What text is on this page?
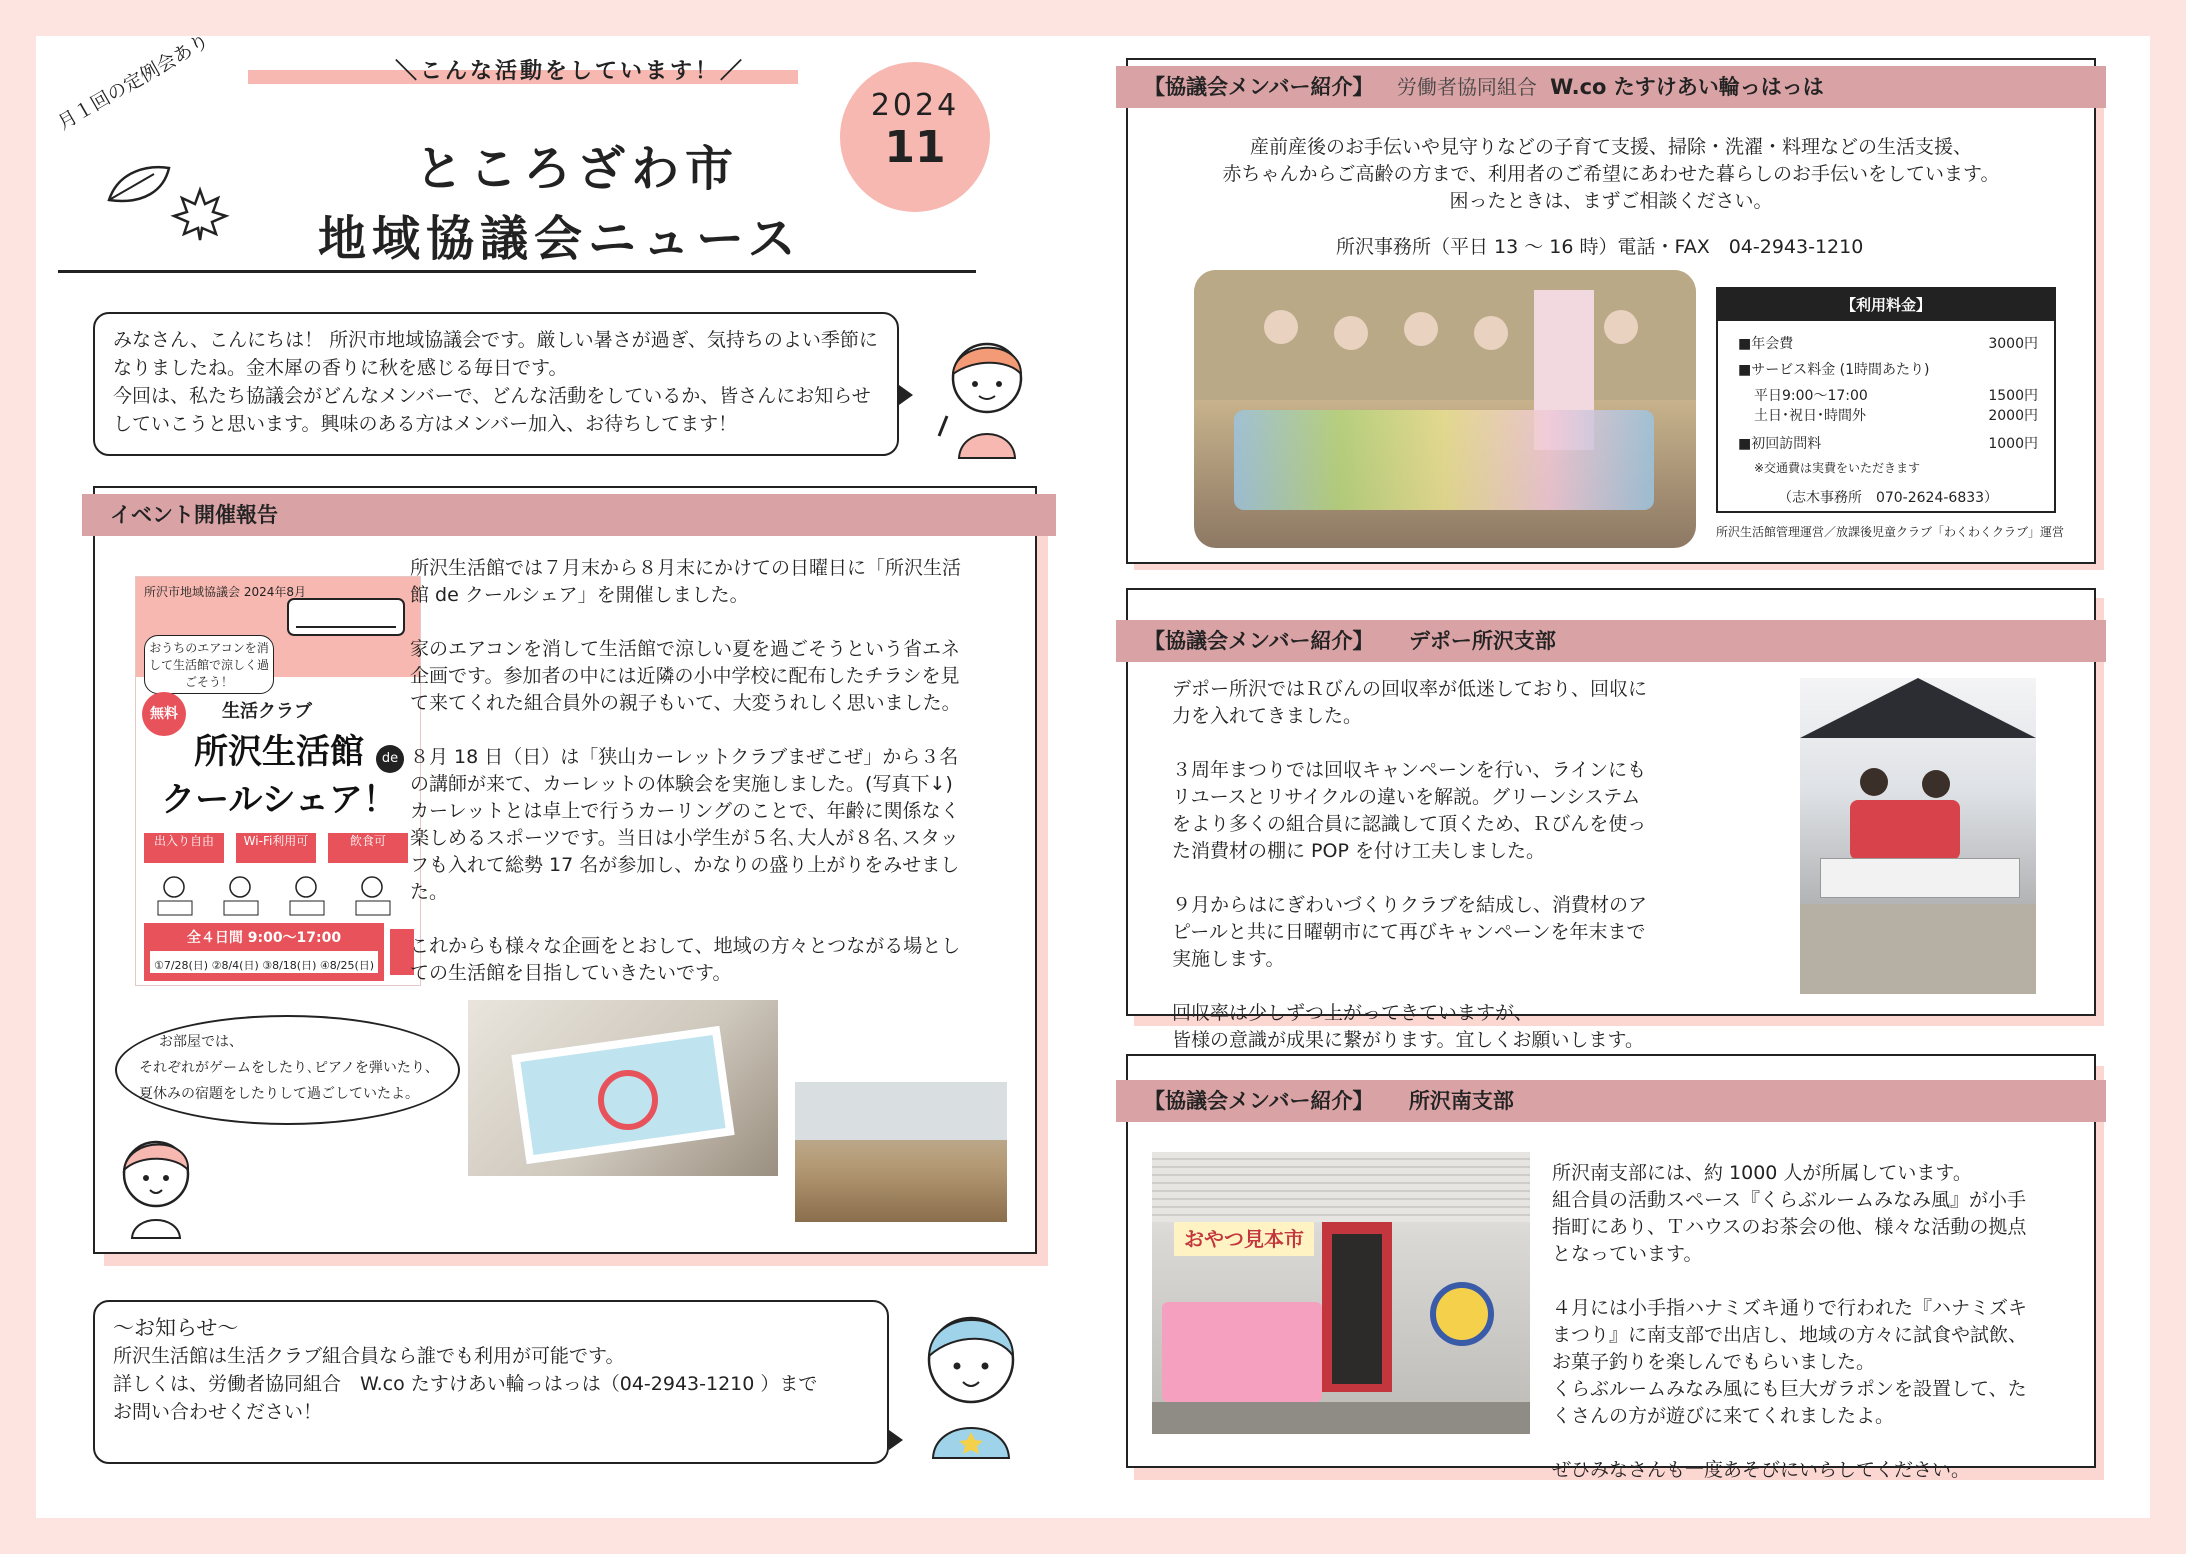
月１回の定例会あり	＼こんな活動をしています！／
ところざわ市
地域協議会ニュース
2024
11

みなさん、こんにちは！ 所沢市地域協議会です。厳しい暑さが過ぎ、気持ちのよい季節に

なりましたね。金木犀の香りに秋を感じる毎日です。

今回は、私たち協議会がどんなメンバーで、どんな活動をしているか、皆さんにお知らせ

していこうと思います。興味のある方はメンバー加入、お待ちしてます！

イベント開催報告
所沢市地域協議会 2024年8月
おうちのエアコンを消して生活館で涼しく過ごそう！
無料	生活クラブ
所沢生活館	de
クールシェア！
出入り自由	Wi-Fi利用可	飲食可
全４日間 9:00～17:00
①7/28(日) ②8/4(日) ③8/18(日) ④8/25(日)

所沢生活館では７月末から８月末にかけての日曜日に「所沢生活

館 de クールシェア」を開催しました。

家のエアコンを消して生活館で涼しい夏を過ごそうという省エネ

企画です。参加者の中には近隣の小中学校に配布したチラシを見

て来てくれた組合員外の親子もいて、大変うれしく思いました。

８月 18 日（日）は「狭山カーレットクラブまぜこぜ」から３名

の講師が来て、カーレットの体験会を実施しました。(写真下↓)

カーレットとは卓上で行うカーリングのことで、年齢に関係なく

楽しめるスポーツです。当日は小学生が５名､大人が８名､スタッ

フも入れて総勢 17 名が参加し、かなりの盛り上がりをみせまし

た。

これからも様々な企画をとおして、地域の方々とつながる場とし

ての生活館を目指していきたいです。

お部屋では、

それぞれがゲームをしたり､ピアノを弾いたり、

夏休みの宿題をしたりして過ごしていたよ。

～お知らせ～

所沢生活館は生活クラブ組合員なら誰でも利用が可能です。

詳しくは、労働者協同組合　W.co たすけあい輪っはっは（04-2943-1210 ）まで

お問い合わせください！

【協議会メンバー紹介】 労働者協同組合 W.co たすけあい輪っはっは

産前産後のお手伝いや見守りなどの子育て支援、掃除・洗濯・料理などの生活支援、

赤ちゃんからご高齢の方まで、利用者のご希望にあわせた暮らしのお手伝いをしています。

困ったときは、まずご相談ください。

所沢事務所（平日 13 ～ 16 時）電話・FAX　04-2943-1210
【利用料金】
■年会費	3000円
■サービス料金 (1時間あたり)
平日9:00～17:00	1500円
土日･祝日･時間外	2000円
■初回訪問料	1000円
※交通費は実費をいただきます
（志木事務所　070-2624-6833）
所沢生活館管理運営／放課後児童クラブ「わくわくクラブ」運営
【協議会メンバー紹介】 デポー所沢支部

デポー所沢ではＲびんの回収率が低迷しており、回収に

力を入れてきました。

３周年まつりでは回収キャンペーンを行い、ラインにも

リユースとリサイクルの違いを解説。グリーンシステム

をより多くの組合員に認識して頂くため、Ｒびんを使っ

た消費材の棚に POP を付け工夫しました。

９月からはにぎわいづくりクラブを結成し、消費材のア

ピールと共に日曜朝市にて再びキャンペーンを年末まで

実施します。

回収率は少しずつ上がってきていますが、

皆様の意識が成果に繋がります。宜しくお願いします。

【協議会メンバー紹介】 所沢南支部
おやつ見本市

所沢南支部には、約 1000 人が所属しています。

組合員の活動スペース『くらぶルームみなみ風』が小手

指町にあり、Ｔハウスのお茶会の他、様々な活動の拠点

となっています。

４月には小手指ハナミズキ通りで行われた『ハナミズキ

まつり』に南支部で出店し、地域の方々に試食や試飲、

お菓子釣りを楽しんでもらいました。

くらぶルームみなみ風にも巨大ガラポンを設置して、た

くさんの方が遊びに来てくれましたよ。

ぜひみなさんも一度あそびにいらしてください。
